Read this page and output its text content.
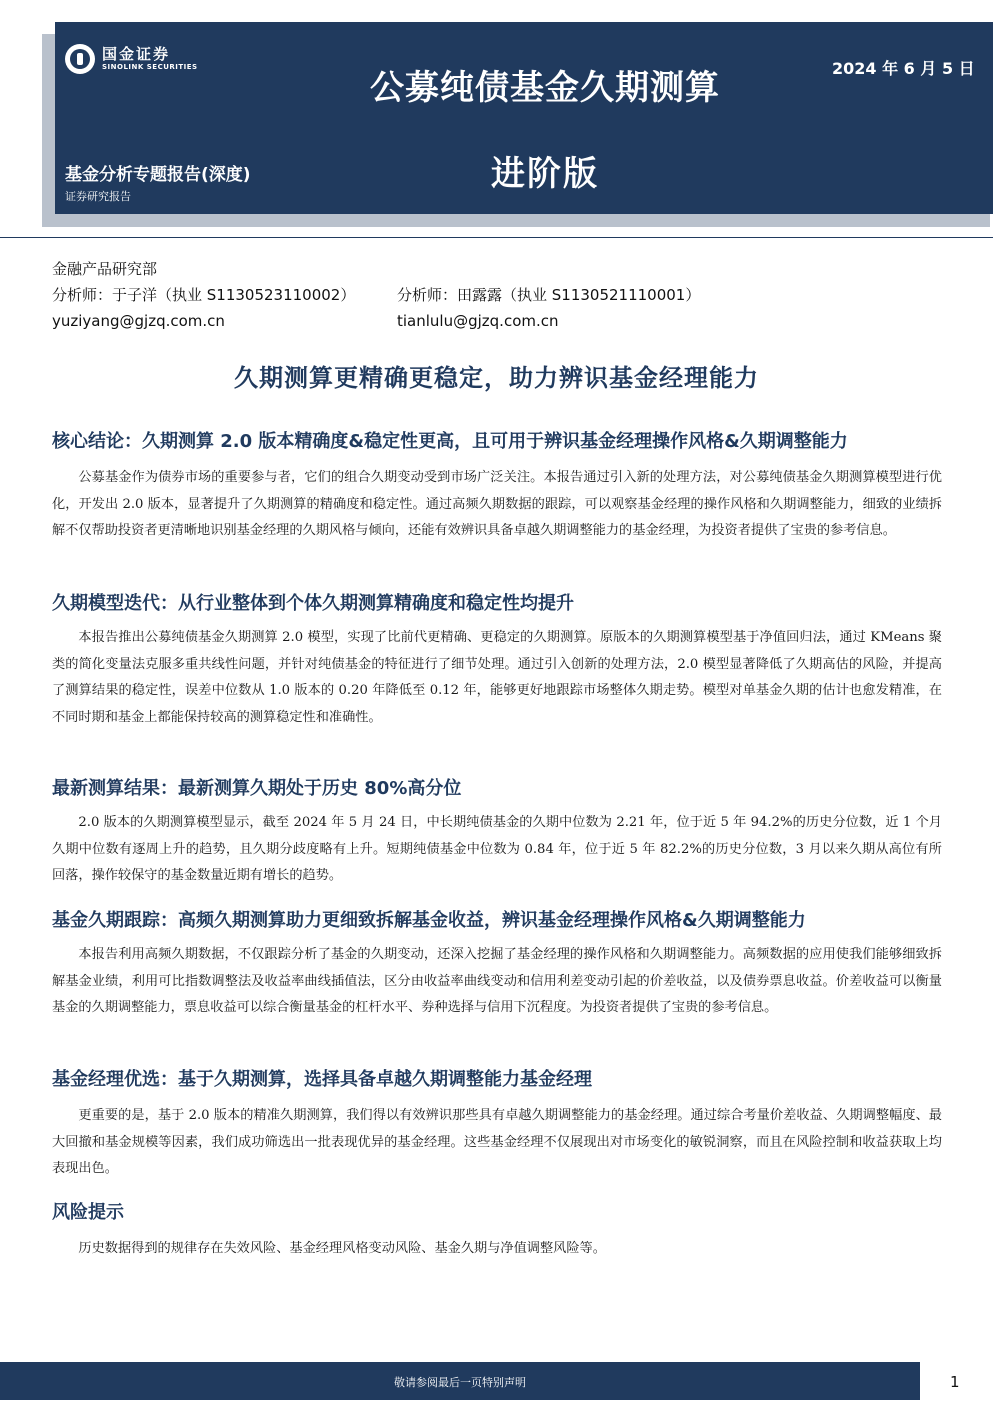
国金证券
SINOLINK SECURITIES
公募纯债基金久期测算
进阶版
2024 年 6 月 5 日
基金分析专题报告(深度)
证券研究报告
金融产品研究部
分析师：于子洋（执业 S1130523110002）	分析师：田露露（执业 S1130521110001）
yuziyang@gjzq.com.cn	tianlulu@gjzq.com.cn
久期测算更精确更稳定，助力辨识基金经理能力
核心结论：久期测算 2.0 版本精确度&稳定性更高，且可用于辨识基金经理操作风格&久期调整能力
公募基金作为债券市场的重要参与者，它们的组合久期变动受到市场广泛关注。本报告通过引入新的处理方法，对公募纯债基金久期测算模型进行优化，开发出 2.0 版本，显著提升了久期测算的精确度和稳定性。通过高频久期数据的跟踪，可以观察基金经理的操作风格和久期调整能力，细致的业绩拆解不仅帮助投资者更清晰地识别基金经理的久期风格与倾向，还能有效辨识具备卓越久期调整能力的基金经理，为投资者提供了宝贵的参考信息。
久期模型迭代：从行业整体到个体久期测算精确度和稳定性均提升
本报告推出公募纯债基金久期测算 2.0 模型，实现了比前代更精确、更稳定的久期测算。原版本的久期测算模型基于净值回归法，通过 KMeans 聚类的简化变量法克服多重共线性问题，并针对纯债基金的特征进行了细节处理。通过引入创新的处理方法，2.0 模型显著降低了久期高估的风险，并提高了测算结果的稳定性，误差中位数从 1.0 版本的 0.20 年降低至 0.12 年，能够更好地跟踪市场整体久期走势。模型对单基金久期的估计也愈发精准，在不同时期和基金上都能保持较高的测算稳定性和准确性。
最新测算结果：最新测算久期处于历史 80%高分位
2.0 版本的久期测算模型显示，截至 2024 年 5 月 24 日，中长期纯债基金的久期中位数为 2.21 年，位于近 5 年 94.2%的历史分位数，近 1 个月久期中位数有逐周上升的趋势，且久期分歧度略有上升。短期纯债基金中位数为 0.84 年，位于近 5 年 82.2%的历史分位数，3 月以来久期从高位有所回落，操作较保守的基金数量近期有增长的趋势。
基金久期跟踪：高频久期测算助力更细致拆解基金收益，辨识基金经理操作风格&久期调整能力
本报告利用高频久期数据，不仅跟踪分析了基金的久期变动，还深入挖掘了基金经理的操作风格和久期调整能力。高频数据的应用使我们能够细致拆解基金业绩，利用可比指数调整法及收益率曲线插值法，区分由收益率曲线变动和信用利差变动引起的价差收益，以及债券票息收益。价差收益可以衡量基金的久期调整能力，票息收益可以综合衡量基金的杠杆水平、券种选择与信用下沉程度。为投资者提供了宝贵的参考信息。
基金经理优选：基于久期测算，选择具备卓越久期调整能力基金经理
更重要的是，基于 2.0 版本的精准久期测算，我们得以有效辨识那些具有卓越久期调整能力的基金经理。通过综合考量价差收益、久期调整幅度、最大回撤和基金规模等因素，我们成功筛选出一批表现优异的基金经理。这些基金经理不仅展现出对市场变化的敏锐洞察，而且在风险控制和收益获取上均表现出色。
风险提示
历史数据得到的规律存在失效风险、基金经理风格变动风险、基金久期与净值调整风险等。
敬请参阅最后一页特别声明	1
